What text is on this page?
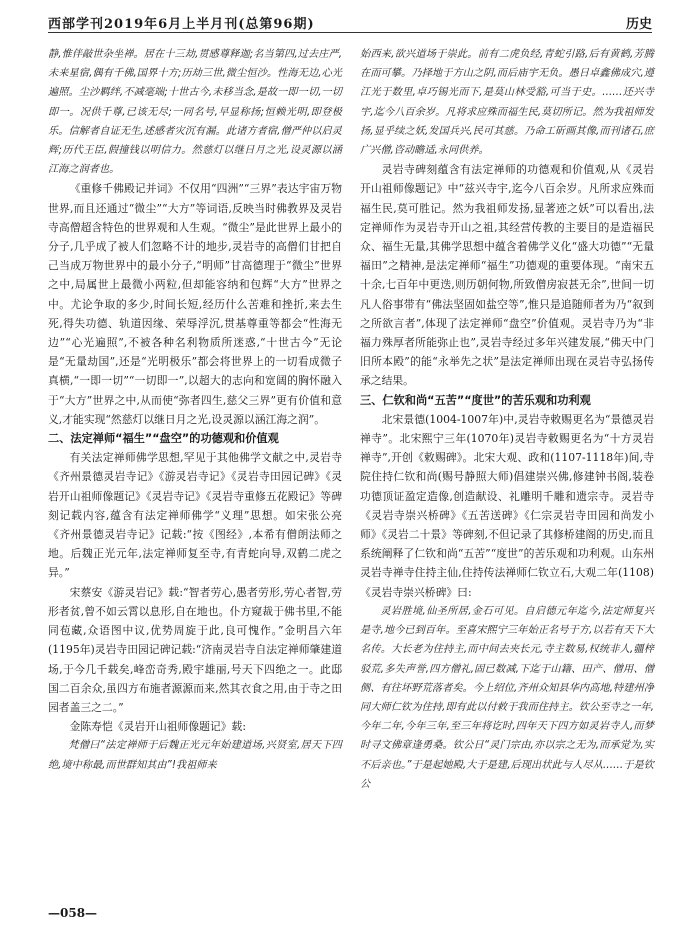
西部学刊2019年6月上半月刊(总第96期)	历史

静,惟伴敲世杂坐禅。居在十三劫,贯感尊释迦;名当第四,过去庄严,未来星宿,偶有千佛,国界十方;历劫三世,微尘恒沙。性海无边,心光遍照。尘沙羁绊,不减毫端;十世古今,未移当念,是故一即一切,一切即一。况供千尊,已该无尽;一同名号,早显称扬;恒赖光明,即登极乐。信解者自证无生,述感者灾沉有漏。此诸方者宿,僧严仲以启灵辉;历代王臣,假撞钱以明信力。然慈灯以继日月之光,设灵源以涵江海之润者也。

《重修千佛殿记并词》不仅用“四洲”“三界”表达宇宙万物世界,而且还通过“微尘”“大方”等词语,反映当时佛教界及灵岩寺高僧超含特色的世界观和人生观。“微尘”是此世界上最小的分子,几乎成了被人们忽略不计的地步,灵岩寺的高僧们甘把自己当成万物世界中的最小分子,“明师”甘高德理于“微尘”世界之中,局属世上最微小两粒,但却能容纳和包辉“大方”世界之中。尤论争取的多少,时间长短,经历什么苦难和挫折,来去生死,得失功德、轨道因缘、荣辱浮沉,贯基尊重等都会“性海无边”“心光遍照”,不被各种名利物质所迷惑,“十世古今”无论是“无量劫国”,还是“光明极乐”都会将世界上的一切看成微子真横,“一即一切”“一切即一”,以超大的志向和宽阔的胸怀融入于“大方”世界之中,从而使“弥者四生,慈父三界”更有价值和意义,才能实现“然慈灯以继日月之光,设灵源以涵江海之润”。

二、法定禅师“福生”“盘空”的功德观和价值观

有关法定禅师佛学思想,罕见于其他佛学文献之中,灵岩寺《齐州景德灵岩寺记》《游灵岩寺记》《灵岩寺田园记碑》《灵岩开山祖师像题记》《灵岩寺记》《灵岩寺重修五花殿记》等碑刻记载内容,蕴含有法定禅师佛学“义理”思想。如宋张公亮《齐州景德灵岩寺记》记载:“按《图经》,本希有僧朗法师之地。后魏正光元年,法定禅师复至寺,有青蛇向导,双鹤二虎之异。”

宋蔡安《游灵岩记》载:“智者劳心,愚者劳形,劳心者智,劳形者贫,曾不如云霄以息形,自在地也。仆方窥裁于佛书里,不能同苞藏,众语图中议,优势周旋于此,良可愧作。”金明昌六年(1195年)灵岩寺田园记碑记载:“济南灵岩寺自法定禅师肇建道场,于今几千载矣,峰峦奇秀,殿宇雄丽,号天下四绝之一。此邸国二百余众,虽四方布施者源源而来,然其衣食之用,由于寺之田园者盖三之二。”

金陈寿恺《灵岩开山祖师像题记》载:

梵僧曰“法定禅师于后魏正光元年始建道场,兴贤室,居天下四绝,境中称最,而世群知其由”!我祖师来

始西来,欲兴道场于崇此。前有二虎负经,青蛇引路,后有黄鹤,芳腾在而可攀。乃择地于方山之阴,而后庙宇无负。愚日卓鑫佛成穴,遵江光于数里,卓巧锡光而下,是莫山林受豁,可当于史。……还兴寺宇,迄今八百余岁。凡将求应殊而福生民,莫切所记。然为我祖师发扬,显乎续之妖,发国兵兴,民可其慈。乃命工斫画其像,而刊诸石,庶广兴僧,咨动瞻适,永同供养。

灵岩寺碑刻蕴含有法定禅师的功德观和价值观,从《灵岩开山祖师像题记》中“兹兴寺宇,迄今八百余岁。凡所求应殊而福生民,莫可胜记。然为我祖师发扬,显著迹之妖”可以看出,法定禅师作为灵岩寺开山之祖,其经营传教的主要目的是造福民众、福生无量,其佛学思想中蕴含着佛学义化“盛大功德”“无量福田”之精神,是法定禅师“福生”功德观的重要体现。“南宋五十余,七百年中更迭,则历朝何物,所致僧房寂甚无余”,世间一切凡人俗事带有“佛法坚固如盐空等”,惟只是追随师者为乃“叙到之所欲言者”,体现了法定禅师“盘空”价值观。灵岩寺乃为“非福力殊厚者所能弥止也”,灵岩寺经过多年兴建发展,“佛天中门旧所本殿”的能“永举先之状”是法定禅师出现在灵岩寺弘扬传承之结果。

三、仁钦和尚“五苦”“度世”的苦乐观和功利观

北宋景德(1004-1007年)中,灵岩寺敕赐更名为“景德灵岩禅寺”。北宋熙宁三年(1070年)灵岩寺敕赐更名为“十方灵岩禅寺”,开创《敕赐碑》。北宋大观、政和(1107-1118年)间,寺院住持仁钦和尚(赐号静照大师)倡建崇兴佛,修建钟书阁,装卷功德顶证盈定造像,创造献设、礼雕明千雕和遗宗寺。灵岩寺《灵岩寺崇兴桥碑》《五苦送碑》《仁宗灵岩寺田园和尚发小师》《灵岩二十景》等碑刻,不但记录了其修桥建阁的历史,而且系统阐释了仁钦和尚“五苦”“度世”的苦乐观和功利观。山东州灵岩寺禅寺住持主仙,住持传法禅师仁钦立石,大观二年(1108)《灵岩寺崇兴桥碑》曰:

灵岩胜境,仙圣所居,金石可见。自启德元年迄今,法定师复兴是寺,地今已到百年。至喜宋熙宁三年始正名号于方,以若有天下大名传。大长老为住持主,而中间去夹长元,寺主数易,权统非人,疆梓驳荒,多失声誉,四方僧礼,固已数减,下迄于山籍、田产、僧用、僧侧、有往坏野荒落者矣。今上绍位,齐州众知县华内高地,特建州净同大师仁钦为住持,即有此以付敕于我而住持主。钦公至寺之一年,今年二年,今年三年,至三年将讫时,四年天下四方如灵岩寺人,而梦时寻文佛章逢勇桑。钦公日“灵门宗由,亦以宗之无为,而承觉为,实不后亲也。”于是起她殿,大于是建,后现出状此与人尽从……于是钦公

—058—
